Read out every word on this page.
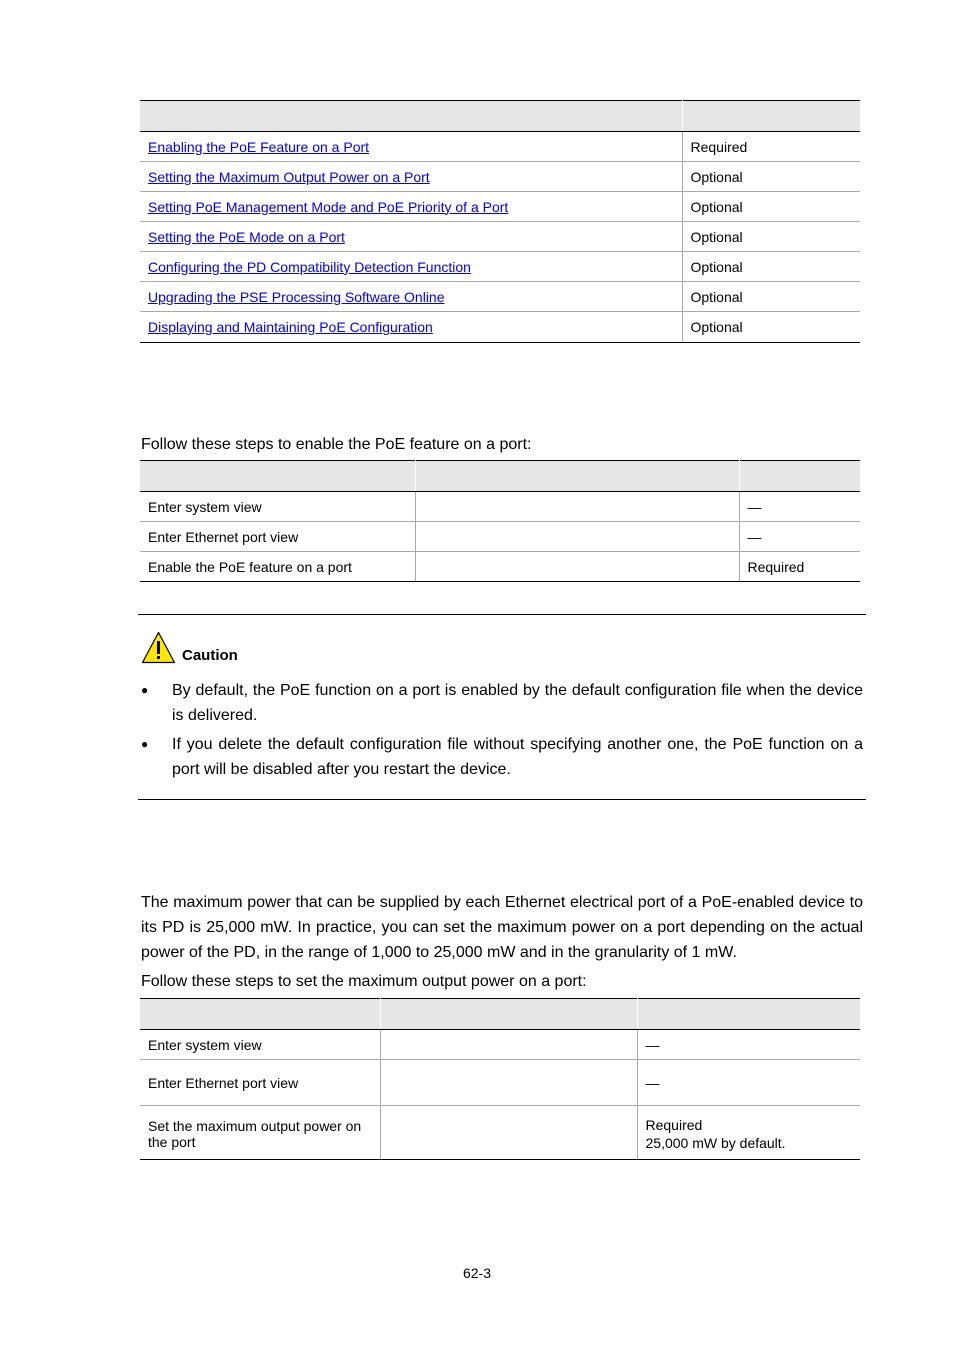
Enabling the PoE Feature on a Port	Required
Setting the Maximum Output Power on a Port	Optional
Setting PoE Management Mode and PoE Priority of a Port	Optional
Setting the PoE Mode on a Port	Optional
Configuring the PD Compatibility Detection Function	Optional
Upgrading the PSE Processing Software Online	Optional
Displaying and Maintaining PoE Configuration	Optional
Follow these steps to enable the PoE feature on a port:

Enter system view		—
Enter Ethernet port view		—
Enable the PoE feature on a port		Required
Caution
● By default, the PoE function on a port is enabled by the default configuration file when the device is delivered.
● If you delete the default configuration file without specifying another one, the PoE function on a port will be disabled after you restart the device.
The maximum power that can be supplied by each Ethernet electrical port of a PoE-enabled device to its PD is 25,000 mW. In practice, you can set the maximum power on a port depending on the actual power of the PD, in the range of 1,000 to 25,000 mW and in the granularity of 1 mW.
Follow these steps to set the maximum output power on a port:

Enter system view		—
Enter Ethernet port view		—
Set the maximum output power on the port		Required
25,000 mW by default.
62-3
